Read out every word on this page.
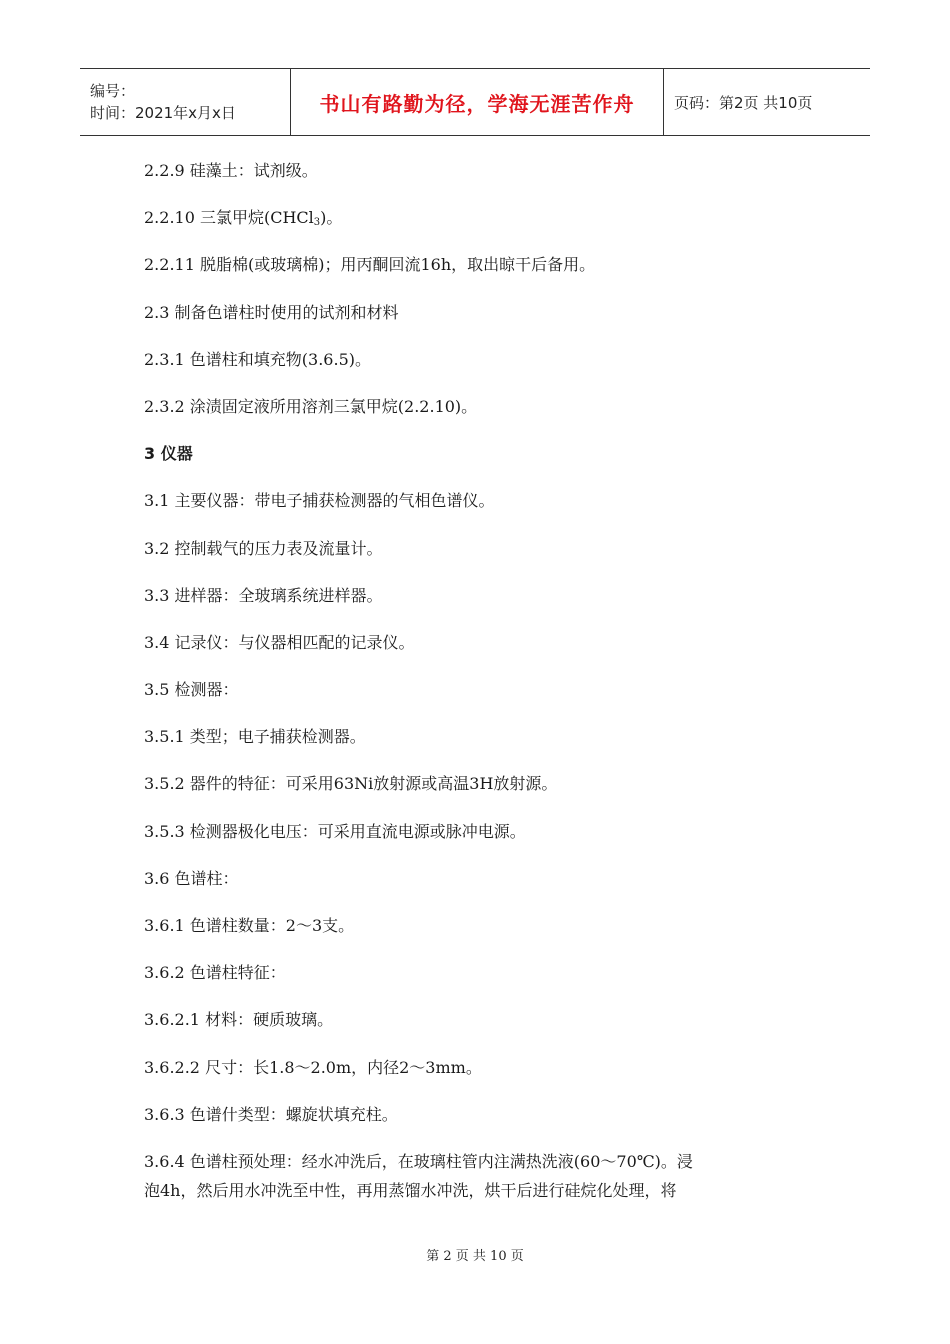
编号：
时间：2021年x月x日	书山有路勤为径，学海无涯苦作舟	页码：第2页 共10页
2.2.9 硅藻土：试剂级。
2.2.10 三氯甲烷(CHCl$_3$)。
2.2.11 脱脂棉(或玻璃棉)；用丙酮回流16h，取出晾干后备用。
2.3 制备色谱柱时使用的试剂和材料
2.3.1 色谱柱和填充物(3.6.5)。
2.3.2 涂渍固定液所用溶剂三氯甲烷(2.2.10)。
3 仪器
3.1 主要仪器：带电子捕获检测器的气相色谱仪。
3.2 控制载气的压力表及流量计。
3.3 进样器：全玻璃系统进样器。
3.4 记录仪：与仪器相匹配的记录仪。
3.5 检测器：
3.5.1 类型；电子捕获检测器。
3.5.2 器件的特征：可采用63Ni放射源或高温3H放射源。
3.5.3 检测器极化电压：可采用直流电源或脉冲电源。
3.6 色谱柱：
3.6.1 色谱柱数量：2～3支。
3.6.2 色谱柱特征：
3.6.2.1 材料：硬质玻璃。
3.6.2.2 尺寸：长1.8～2.0m，内径2～3mm。
3.6.3 色谱什类型：螺旋状填充柱。
3.6.4 色谱柱预处理：经水冲洗后，在玻璃柱管内注满热洗液(60～70℃)。浸
泡4h，然后用水冲洗至中性，再用蒸馏水冲洗，烘干后进行硅烷化处理，将
第 2 页 共 10 页
